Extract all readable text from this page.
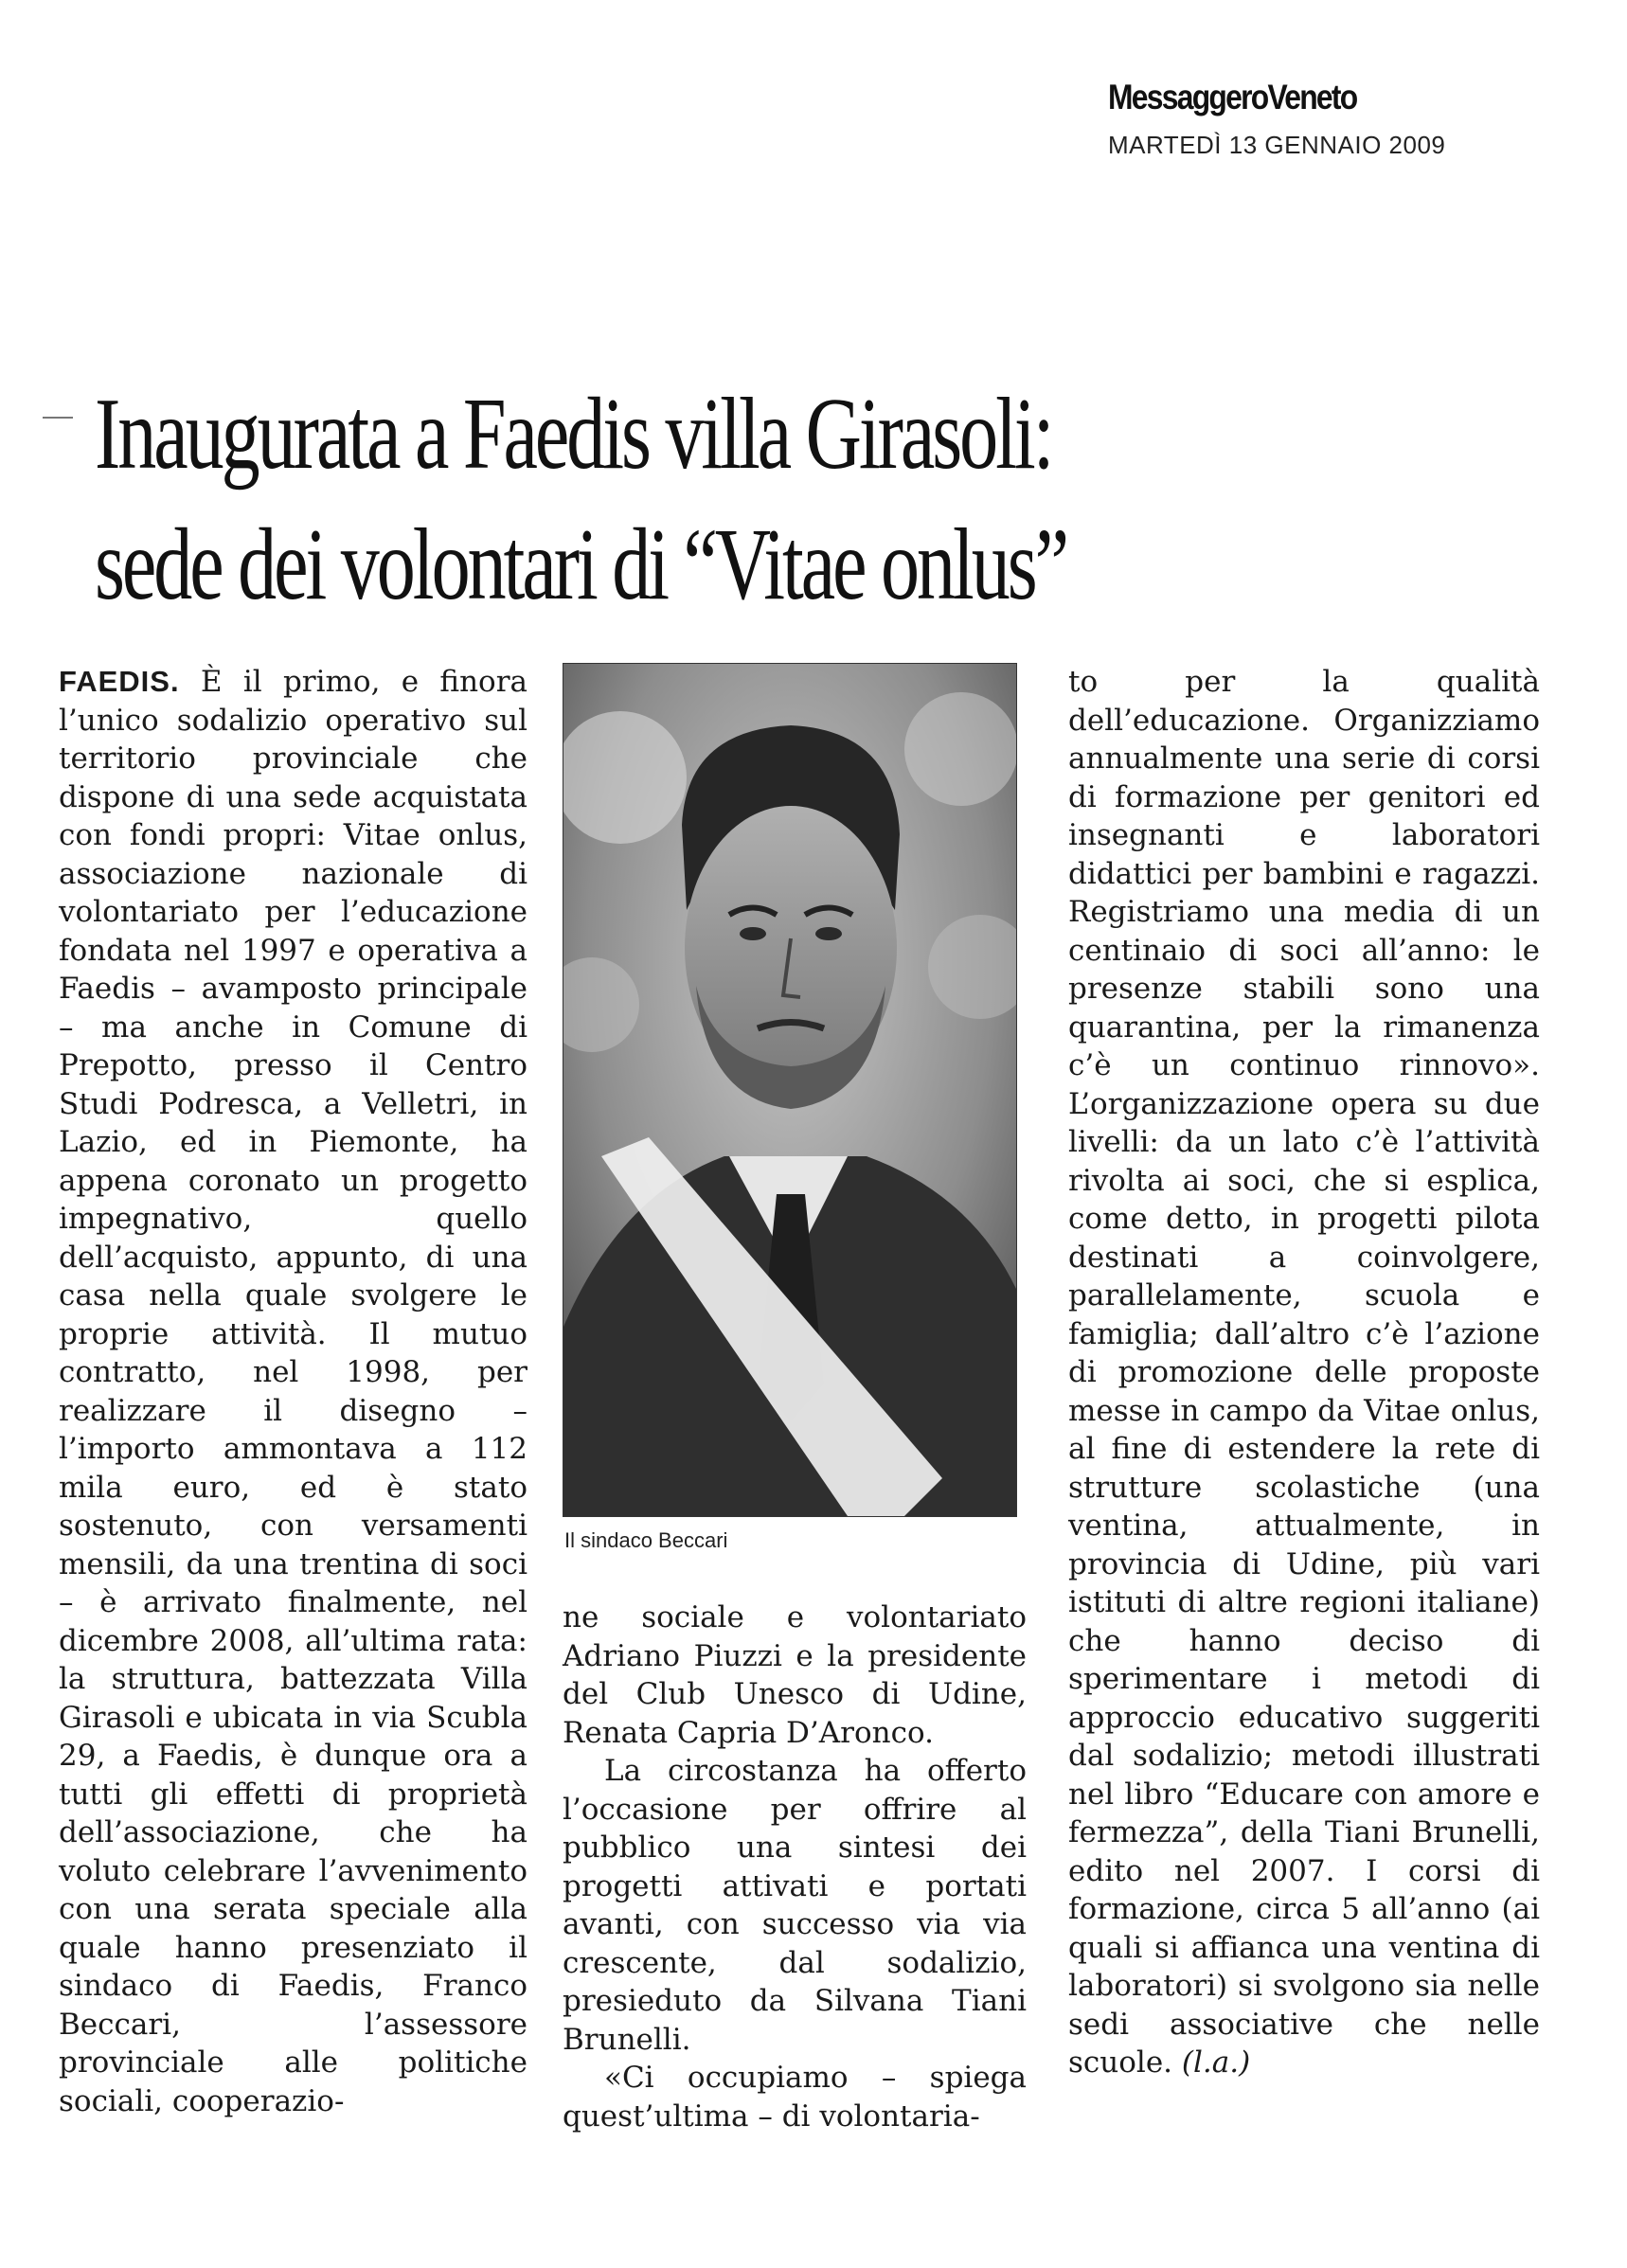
MessaggeroVeneto
MARTEDÌ 13 GENNAIO 2009
Inaugurata a Faedis villa Girasoli:
sede dei volontari di “Vitae onlus”

FAEDIS. È il primo, e finora l’unico sodalizio operativo sul territorio provinciale che dispone di una sede acquistata con fondi propri: Vitae onlus, associazione nazionale di volontariato per l’educazione fondata nel 1997 e operativa a Faedis – avamposto principale – ma anche in Comune di Prepotto, presso il Centro Studi Podresca, a Velletri, in Lazio, ed in Piemonte, ha appena coronato un progetto impegnativo, quello dell’acquisto, appunto, di una casa nella quale svolgere le proprie attività. Il mutuo contratto, nel 1998, per realizzare il disegno – l’importo ammontava a 112 mila euro, ed è stato sostenuto, con versamenti mensili, da una trentina di soci – è arrivato finalmente, nel dicembre 2008, all’ultima rata: la struttura, battezzata Villa Girasoli e ubicata in via Scubla 29, a Faedis, è dunque ora a tutti gli effetti di proprietà dell’associazione, che ha voluto celebrare l’avvenimento con una serata speciale alla quale hanno presenziato il sindaco di Faedis, Franco Beccari, l’assessore provinciale alle politiche sociali, cooperazio-

Il sindaco Beccari

ne sociale e volontariato Adriano Piuzzi e la presidente del Club Unesco di Udine, Renata Capria D’Aronco.

La circostanza ha offerto l’occasione per offrire al pubblico una sintesi dei progetti attivati e portati avanti, con successo via via crescente, dal sodalizio, presieduto da Silvana Tiani Brunelli.

«Ci occupiamo – spiega quest’ultima – di volontaria-

to per la qualità dell’educazione. Organizziamo annualmente una serie di corsi di formazione per genitori ed insegnanti e laboratori didattici per bambini e ragazzi. Registriamo una media di un centinaio di soci all’anno: le presenze stabili sono una quarantina, per la rimanenza c’è un continuo rinnovo». L’organizzazione opera su due livelli: da un lato c’è l’attività rivolta ai soci, che si esplica, come detto, in progetti pilota destinati a coinvolgere, parallelamente, scuola e famiglia; dall’altro c’è l’azione di promozione delle proposte messe in campo da Vitae onlus, al fine di estendere la rete di strutture scolastiche (una ventina, attualmente, in provincia di Udine, più vari istituti di altre regioni italiane) che hanno deciso di sperimentare i metodi di approccio educativo suggeriti dal sodalizio; metodi illustrati nel libro “Educare con amore e fermezza”, della Tiani Brunelli, edito nel 2007. I corsi di formazione, circa 5 all’anno (ai quali si affianca una ventina di laboratori) si svolgono sia nelle sedi associative che nelle scuole. (l.a.)
